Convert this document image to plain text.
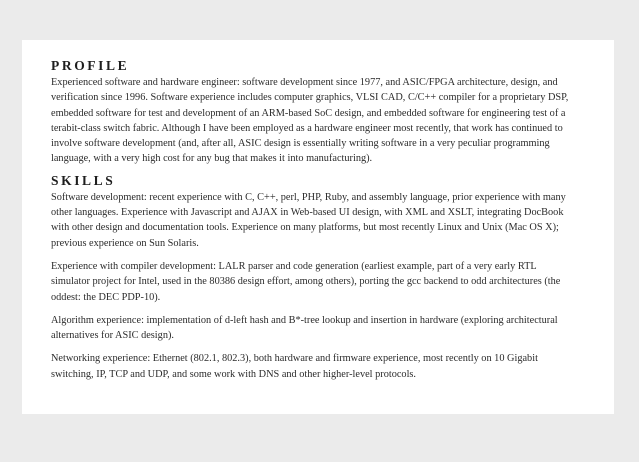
PROFILE

Experienced software and hardware engineer: software development since 1977, and ASIC/FPGA architecture, design, and verification since 1996. Software experience includes computer graphics, VLSI CAD, C/C++ compiler for a proprietary DSP, embedded software for test and development of an ARM-based SoC design, and embedded software for engineering test of a terabit-class switch fabric. Although I have been employed as a hardware engineer most recently, that work has continued to involve software development (and, after all, ASIC design is essentially writing software in a very peculiar programming language, with a very high cost for any bug that makes it into manufacturing).

SKILLS

Software development: recent experience with C, C++, perl, PHP, Ruby, and assembly language, prior experience with many other languages. Experience with Javascript and AJAX in Web-based UI design, with XML and XSLT, integrating DocBook with other design and documentation tools. Experience on many platforms, but most recently Linux and Unix (Mac OS X); previous experience on Sun Solaris.

Experience with compiler development: LALR parser and code generation (earliest example, part of a very early RTL simulator project for Intel, used in the 80386 design effort, among others), porting the gcc backend to odd architectures (the oddest: the DEC PDP-10).

Algorithm experience: implementation of d-left hash and B*-tree lookup and insertion in hardware (exploring architectural alternatives for ASIC design).

Networking experience: Ethernet (802.1, 802.3), both hardware and firmware experience, most recently on 10 Gigabit switching, IP, TCP and UDP, and some work with DNS and other higher-level protocols.
